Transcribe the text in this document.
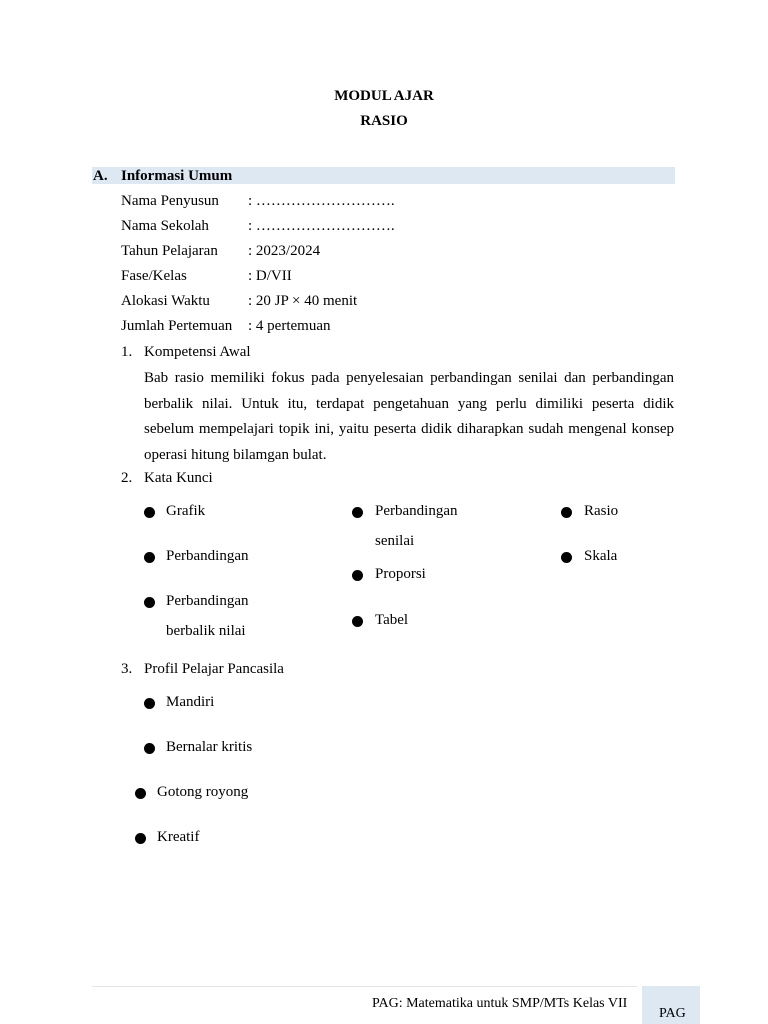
MODUL AJAR
RASIO
A. Informasi Umum
Nama Penyusun : ……………………….
Nama Sekolah	: ……………………….
Tahun Pelajaran : 2023/2024
Fase/Kelas	: D/VII
Alokasi Waktu	: 20 JP × 40 menit
Jumlah Pertemuan : 4 pertemuan
1. Kompetensi Awal
Bab rasio memiliki fokus pada penyelesaian perbandingan senilai dan perbandingan berbalik nilai. Untuk itu, terdapat pengetahuan yang perlu dimiliki peserta didik sebelum mempelajari topik ini, yaitu peserta didik diharapkan sudah mengenal konsep operasi hitung bilamgan bulat.
2. Kata Kunci
Grafik
Perbandingan
Perbandingan berbalik nilai
Perbandingan senilai
Proporsi
Tabel
Rasio
Skala
3. Profil Pelajar Pancasila
Mandiri
Bernalar kritis
Gotong royong
Kreatif
PAG: Matematika untuk SMP/MTs Kelas VII
PAG
